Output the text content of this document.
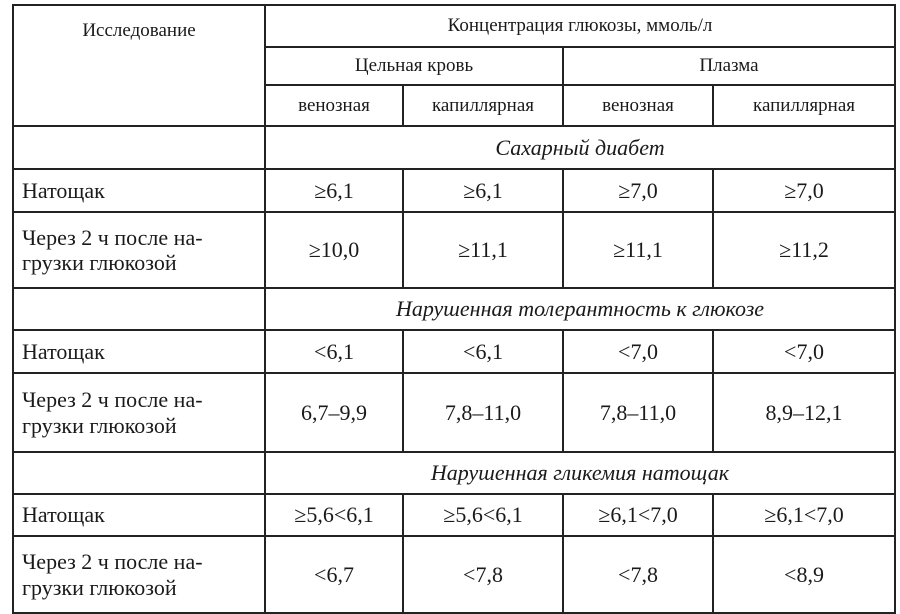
Исследование	Концентрация глюкозы, ммоль/л			
	Цельная кровь		Плазма	
	венозная	капиллярная	венозная	капиллярная
	Сахарный диабет			
Натощак	≥6,1	≥6,1	≥7,0	≥7,0
Через 2 ч после на-
грузки глюкозой	≥10,0	≥11,1	≥11,1	≥11,2
	Нарушенная толерантность к глюкозе			
Натощак	<6,1	<6,1	<7,0	<7,0
Через 2 ч после на-
грузки глюкозой	6,7–9,9	7,8–11,0	7,8–11,0	8,9–12,1
	Нарушенная гликемия натощак			
Натощак	≥5,6<6,1	≥5,6<6,1	≥6,1<7,0	≥6,1<7,0
Через 2 ч после на-
грузки глюкозой	<6,7	<7,8	<7,8	<8,9
